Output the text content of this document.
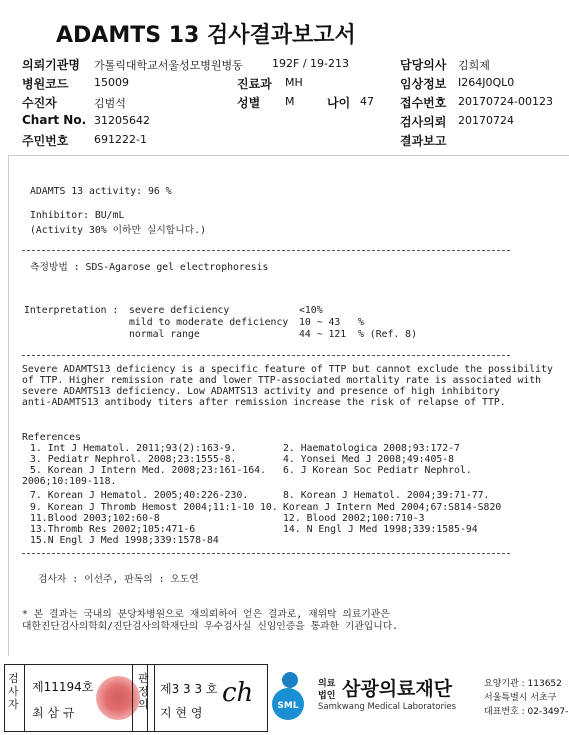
ADAMTS 13 검사결과보고서
의뢰기관명 가톨릭대학교서울성모병원병동	192F / 19-213	담당의사 김희제
병원코드 15009	진료과 MH	임상정보 I264J0QL0
수진자	김범석	성별 M	나이 47 접수번호 20170724-00123
Chart No. 31205642	검사의뢰 20170724
주민번호 691222-1	결과보고
ADAMTS 13 activity: 96 %
Inhibitor: BU/mL
(Activity 30% 이하만 실시합니다.)
측정방법 : SDS-Agarose gel electrophoresis
Interpretation : severe deficiency	<10%
mild to moderate deficiency 10 ~ 43 %
normal range	44 ~ 121 % (Ref. 8)
Severe ADAMTS13 deficiency is a specific feature of TTP but cannot exclude the possibility
of TTP. Higher remission rate and lower TTP-associated mortality rate is associated with
severe ADAMTS13 deficiency. Low ADAMTS13 activity and presence of high inhibitory
anti-ADAMTS13 antibody titers after remission increase the risk of relapse of TTP.
References
1. Int J Hematol. 2011;93(2):163-9.	2. Haematologica 2008;93:172-7
3. Pediatr Nephrol. 2008;23:1555-8.	4. Yonsei Med J 2008;49:405-8
5. Korean J Intern Med. 2008;23:161-164. 6. J Korean Soc Pediatr Nephrol.
2006;10:109-118.
7. Korean J Hematol. 2005;40:226-230.	8. Korean J Hematol. 2004;39:71-77.
9. Korean J Thromb Hemost 2004;11:1-10 10. Korean J Intern Med 2004;67:S814-S820
11.Blood 2003;102:60-8	12. Blood 2002;100:710-3
13.Thromb Res 2002;105:471-6	14. N Engl J Med 1998;339:1585-94
15.N Engl J Med 1998;339:1578-84
검사자 : 이선주, 판독의 : 오도연
* 본 결과는 국내의 분당차병원으로 재의뢰하여 얻은 결과로, 재위탁 의료기관은
대한진단검사의학회/진단검사의학재단의 우수검사실 신임인증을 통과한 기관입니다.
검사자
제11194호
최 삼 규
판정의
제3 3 3 호
지 현 영
ch	SML
의료
법인 삼광의료재단
Samkwang Medical Laboratories
요양기관 : 113652
서울특별시 서초구
대표번호 : 02-3497-
